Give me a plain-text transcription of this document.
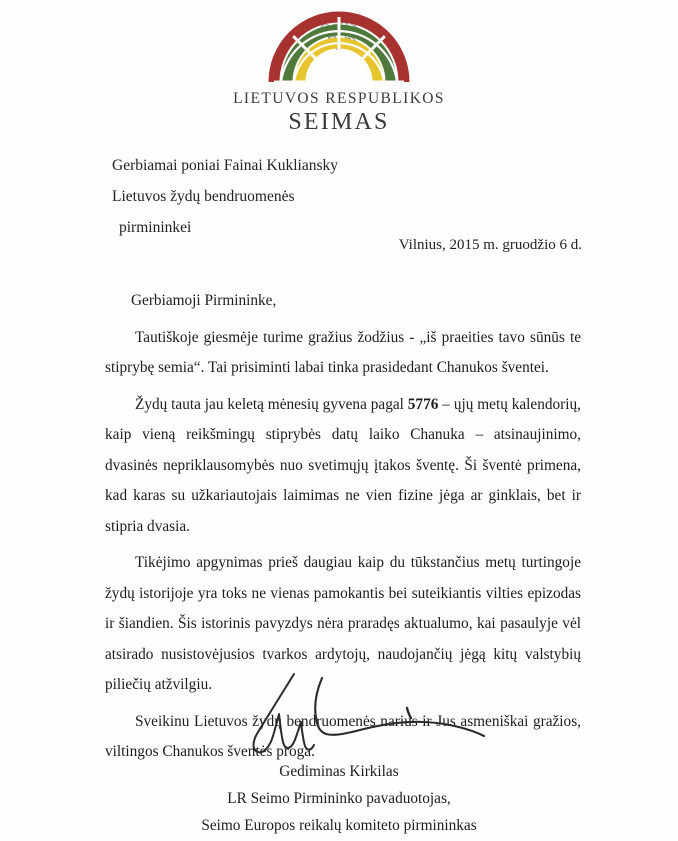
LIETUVOS RESPUBLIKOS
SEIMAS
Gerbiamai poniai Fainai Kukliansky
Lietuvos žydų bendruomenės
pirmininkei
Vilnius, 2015 m. gruodžio 6 d.
Gerbiamoji Pirmininke,

Tautiškoje giesmėje turime gražius žodžius - „iš praeities tavo sūnūs te stiprybę semia“. Tai prisiminti labai tinka prasidedant Chanukos šventei.

Žydų tauta jau keletą mėnesių gyvena pagal 5776 – ųjų metų kalendorių, kaip vieną reikšmingų stiprybės datų laiko Chanuka – atsinaujinimo, dvasinės nepriklausomybės nuo svetimųjų įtakos šventę. Ši šventė primena, kad karas su užkariautojais laimimas ne vien fizine jėga ar ginklais, bet ir stipria dvasia.

Tikėjimo apgynimas prieš daugiau kaip du tūkstančius metų turtingoje žydų istorijoje yra toks ne vienas pamokantis bei suteikiantis vilties epizodas ir šiandien. Šis istorinis pavyzdys nėra praradęs aktualumo, kai pasaulyje vėl atsirado nusistovėjusios tvarkos ardytojų, naudojančių jėgą kitų valstybių piliečių atžvilgiu.

Sveikinu Lietuvos žydų bendruomenės narius ir Jus asmeniškai gražios, viltingos Chanukos šventės proga.

Gediminas Kirkilas
LR Seimo Pirmininko pavaduotojas,
Seimo Europos reikalų komiteto pirmininkas
